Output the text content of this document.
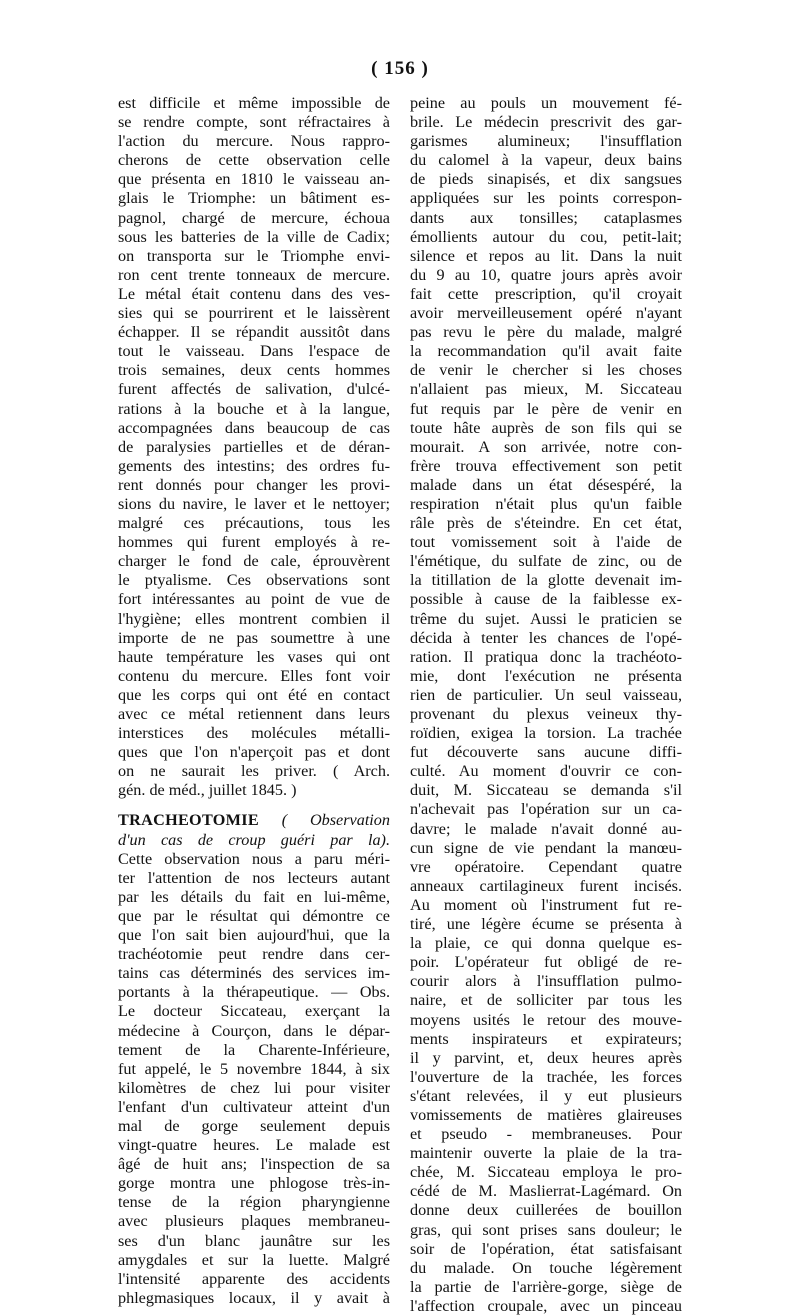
( 156 )
est difficile et même impossible de
se rendre compte, sont réfractaires à
l'action du mercure. Nous rappro-
cherons de cette observation celle
que présenta en 1810 le vaisseau an-
glais le Triomphe: un bâtiment es-
pagnol, chargé de mercure, échoua
sous les batteries de la ville de Cadix;
on transporta sur le Triomphe envi-
ron cent trente tonneaux de mercure.
Le métal était contenu dans des ves-
sies qui se pourrirent et le laissèrent
échapper. Il se répandit aussitôt dans
tout le vaisseau. Dans l'espace de
trois semaines, deux cents hommes
furent affectés de salivation, d'ulcé-
rations à la bouche et à la langue,
accompagnées dans beaucoup de cas
de paralysies partielles et de déran-
gements des intestins; des ordres fu-
rent donnés pour changer les provi-
sions du navire, le laver et le nettoyer;
malgré ces précautions, tous les
hommes qui furent employés à re-
charger le fond de cale, éprouvèrent
le ptyalisme. Ces observations sont
fort intéressantes au point de vue de
l'hygiène; elles montrent combien il
importe de ne pas soumettre à une
haute température les vases qui ont
contenu du mercure. Elles font voir
que les corps qui ont été en contact
avec ce métal retiennent dans leurs
interstices des molécules métalli-
ques que l'on n'aperçoit pas et dont
on ne saurait les priver. ( Arch.
gén. de méd., juillet 1845. )
TRACHEOTOMIE ( Observation
d'un cas de croup guéri par la).
Cette observation nous a paru méri-
ter l'attention de nos lecteurs autant
par les détails du fait en lui-même,
que par le résultat qui démontre ce
que l'on sait bien aujourd'hui, que la
trachéotomie peut rendre dans cer-
tains cas déterminés des services im-
portants à la thérapeutique. — Obs.
Le docteur Siccateau, exerçant la
médecine à Courçon, dans le dépar-
tement de la Charente-Inférieure,
fut appelé, le 5 novembre 1844, à six
kilomètres de chez lui pour visiter
l'enfant d'un cultivateur atteint d'un
mal de gorge seulement depuis
vingt-quatre heures. Le malade est
âgé de huit ans; l'inspection de sa
gorge montra une phlogose très-in-
tense de la région pharyngienne
avec plusieurs plaques membraneu-
ses d'un blanc jaunâtre sur les
amygdales et sur la luette. Malgré
l'intensité apparente des accidents
phlegmasiques locaux, il y avait à
peine au pouls un mouvement fé-
brile. Le médecin prescrivit des gar-
garismes alumineux; l'insufflation
du calomel à la vapeur, deux bains
de pieds sinapisés, et dix sangsues
appliquées sur les points correspon-
dants aux tonsilles; cataplasmes
émollients autour du cou, petit-lait;
silence et repos au lit. Dans la nuit
du 9 au 10, quatre jours après avoir
fait cette prescription, qu'il croyait
avoir merveilleusement opéré n'ayant
pas revu le père du malade, malgré
la recommandation qu'il avait faite
de venir le chercher si les choses
n'allaient pas mieux, M. Siccateau
fut requis par le père de venir en
toute hâte auprès de son fils qui se
mourait. A son arrivée, notre con-
frère trouva effectivement son petit
malade dans un état désespéré, la
respiration n'était plus qu'un faible
râle près de s'éteindre. En cet état,
tout vomissement soit à l'aide de
l'émétique, du sulfate de zinc, ou de
la titillation de la glotte devenait im-
possible à cause de la faiblesse ex-
trême du sujet. Aussi le praticien se
décida à tenter les chances de l'opé-
ration. Il pratiqua donc la trachéoto-
mie, dont l'exécution ne présenta
rien de particulier. Un seul vaisseau,
provenant du plexus veineux thy-
roïdien, exigea la torsion. La trachée
fut découverte sans aucune diffi-
culté. Au moment d'ouvrir ce con-
duit, M. Siccateau se demanda s'il
n'achevait pas l'opération sur un ca-
davre; le malade n'avait donné au-
cun signe de vie pendant la manœu-
vre opératoire. Cependant quatre
anneaux cartilagineux furent incisés.
Au moment où l'instrument fut re-
tiré, une légère écume se présenta à
la plaie, ce qui donna quelque es-
poir. L'opérateur fut obligé de re-
courir alors à l'insufflation pulmo-
naire, et de solliciter par tous les
moyens usités le retour des mouve-
ments inspirateurs et expirateurs;
il y parvint, et, deux heures après
l'ouverture de la trachée, les forces
s'étant relevées, il y eut plusieurs
vomissements de matières glaireuses
et pseudo - membraneuses. Pour
maintenir ouverte la plaie de la tra-
chée, M. Siccateau employa le pro-
cédé de M. Maslierrat-Lagémard. On
donne deux cuillerées de bouillon
gras, qui sont prises sans douleur; le
soir de l'opération, état satisfaisant
du malade. On touche légèrement
la partie de l'arrière-gorge, siège de
l'affection croupale, avec un pinceau
